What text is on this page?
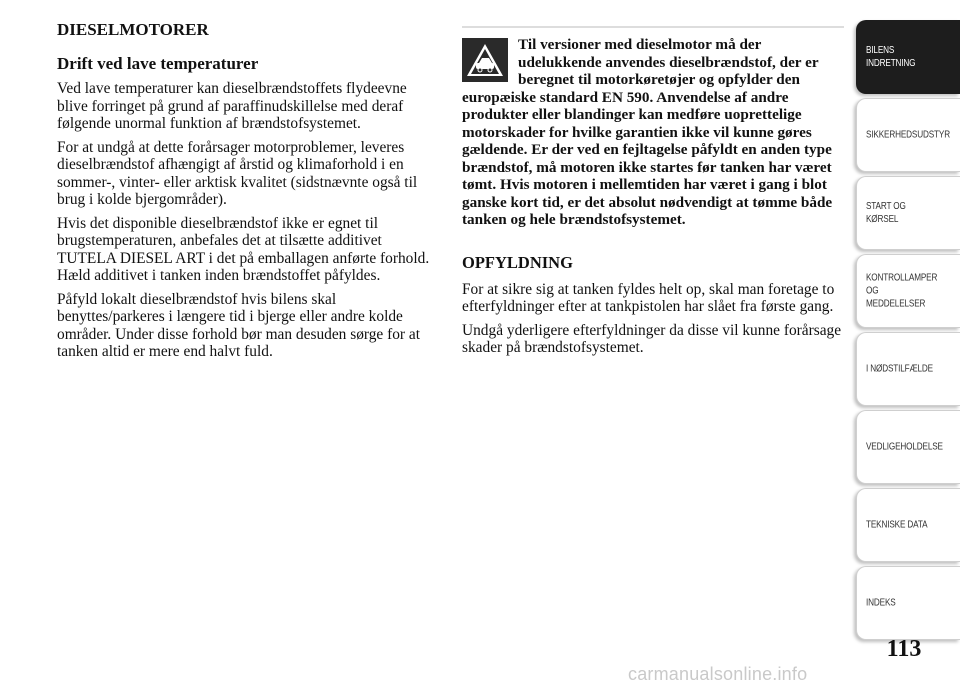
DIESELMOTORER
Drift ved lave temperaturer

Ved lave temperaturer kan dieselbrændstoffets flydeevne blive forringet på grund af paraffinudskillelse med deraf følgende unormal funktion af brændstofsystemet.

For at undgå at dette forårsager motorproblemer, leveres dieselbrændstof afhængigt af årstid og klimaforhold i en sommer-, vinter- eller arktisk kvalitet (sidstnævnte også til brug i kolde bjergområder).

Hvis det disponible dieselbrændstof ikke er egnet til brugstemperaturen, anbefales det at tilsætte additivet TUTELA DIESEL ART i det på emballagen anførte forhold. Hæld additivet i tanken inden brændstoffet påfyldes.

Påfyld lokalt dieselbrændstof hvis bilens skal benyttes/parkeres i længere tid i bjerge eller andre kolde områder. Under disse forhold bør man desuden sørge for at tanken altid er mere end halvt fuld.

Til versioner med dieselmotor må der udelukkende anvendes dieselbrændstof, der er beregnet til motorkøretøjer og opfylder den europæiske standard EN 590. Anvendelse af andre produkter eller blandinger kan medføre uoprettelige motorskader for hvilke garantien ikke vil kunne gøres gældende. Er der ved en fejltagelse påfyldt en anden type brændstof, må motoren ikke startes før tanken har været tømt. Hvis motoren i mellemtiden har været i gang i blot ganske kort tid, er det absolut nødvendigt at tømme både tanken og hele brændstofsystemet.

OPFYLDNING

For at sikre sig at tanken fyldes helt op, skal man foretage to efterfyldninger efter at tankpistolen har slået fra første gang.

Undgå yderligere efterfyldninger da disse vil kunne forårsage skader på brændstofsystemet.

BILENS
INDRETNING
SIKKERHEDSUDSTYR
START OG KØRSEL
KONTROLLAMPER
OG MEDDELELSER
I NØDSTILFÆLDE
VEDLIGEHOLDELSE
TEKNISKE DATA
INDEKS
113
carmanualsonline.info
